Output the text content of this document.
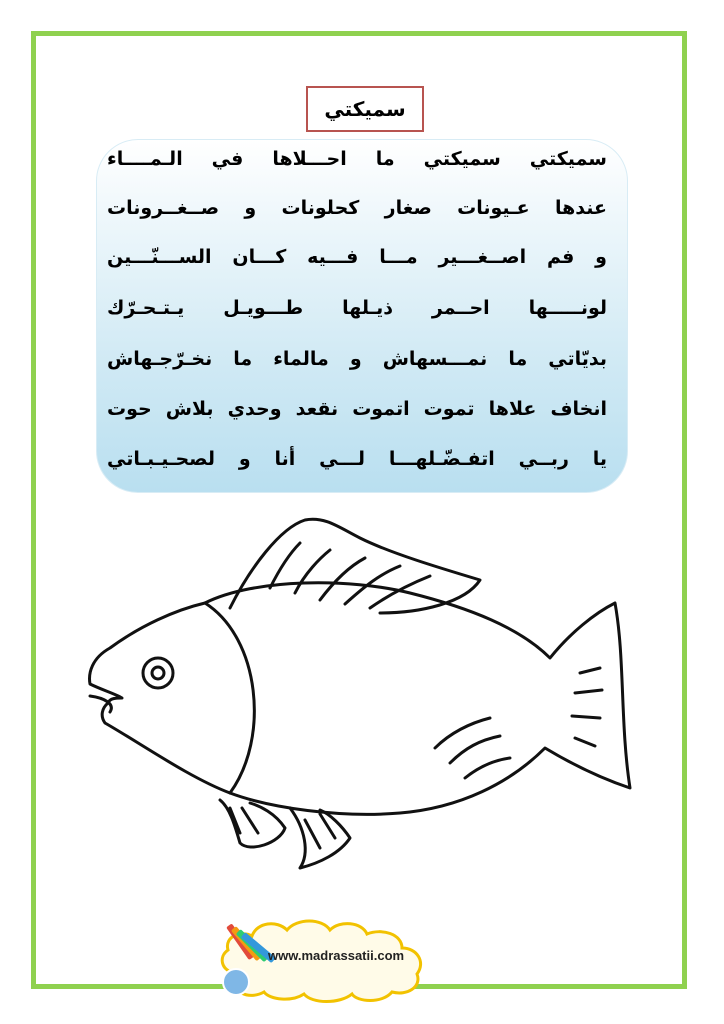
سميكتي
سميكتي سميكتي ما احـــلاها في الـمــــاء
عندها عـيونات صغار كحلونات و صــغــرونات
و فم اصــغـــير مـــا فـــيه كـــان الســـنّـــين
لونـــــها احــمر ذيـلها طـــويـل يـتـحـرّك
بديّاتي ما نمـــسهاش و مالماء ما نخـرّجـهاش
انخاف علاها تموت اتموت نقعد وحدي بلاش حوت
يا ربــي اتفـضّـلهـــا لـــي أنا و لصحـيـبـاتي
www.madrassatii.com
